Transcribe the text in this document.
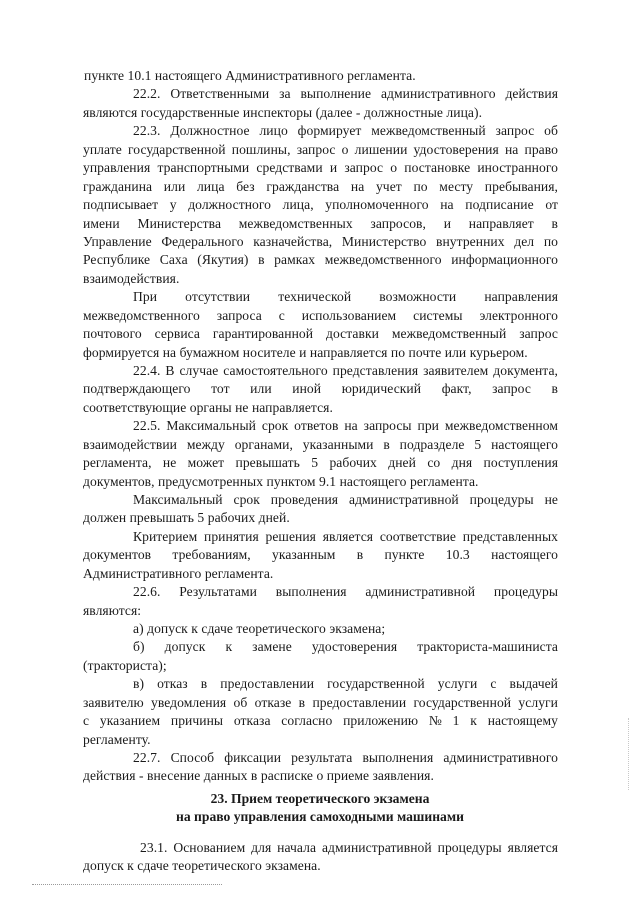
пункте 10.1 настоящего Административного регламента.
22.2. Ответственными за выполнение административного действия
являются государственные инспекторы (далее - должностные лица).
22.3. Должностное лицо формирует межведомственный запрос об
уплате государственной пошлины, запрос о лишении удостоверения на право
управления транспортными средствами и запрос о постановке иностранного
гражданина или лица без гражданства на учет по месту пребывания,
подписывает у должностного лица, уполномоченного на подписание от
имени Министерства межведомственных запросов, и направляет в
Управление Федерального казначейства, Министерство внутренних дел по
Республике Саха (Якутия) в рамках межведомственного информационного
взаимодействия.
При отсутствии технической возможности направления
межведомственного запроса с использованием системы электронного
почтового сервиса гарантированной доставки межведомственный запрос
формируется на бумажном носителе и направляется по почте или курьером.
22.4. В случае самостоятельного представления заявителем документа,
подтверждающего тот или иной юридический факт, запрос в
соответствующие органы не направляется.
22.5. Максимальный срок ответов на запросы при межведомственном
взаимодействии между органами, указанными в подразделе 5 настоящего
регламента, не может превышать 5 рабочих дней со дня поступления
документов, предусмотренных пунктом 9.1 настоящего регламента.
Максимальный срок проведения административной процедуры не
должен превышать 5 рабочих дней.
Критерием принятия решения является соответствие представленных
документов требованиям, указанным в пункте 10.3 настоящего
Административного регламента.
22.6. Результатами выполнения административной процедуры
являются:
а) допуск к сдаче теоретического экзамена;
б) допуск к замене удостоверения тракториста-машиниста
(тракториста);
в) отказ в предоставлении государственной услуги с выдачей
заявителю уведомления об отказе в предоставлении государственной услуги
с указанием причины отказа согласно приложению № 1 к настоящему
регламенту.
22.7. Способ фиксации результата выполнения административного
действия - внесение данных в расписке о приеме заявления.
23. Прием теоретического экзамена
на право управления самоходными машинами
23.1. Основанием для начала административной процедуры является
допуск к сдаче теоретического экзамена.
